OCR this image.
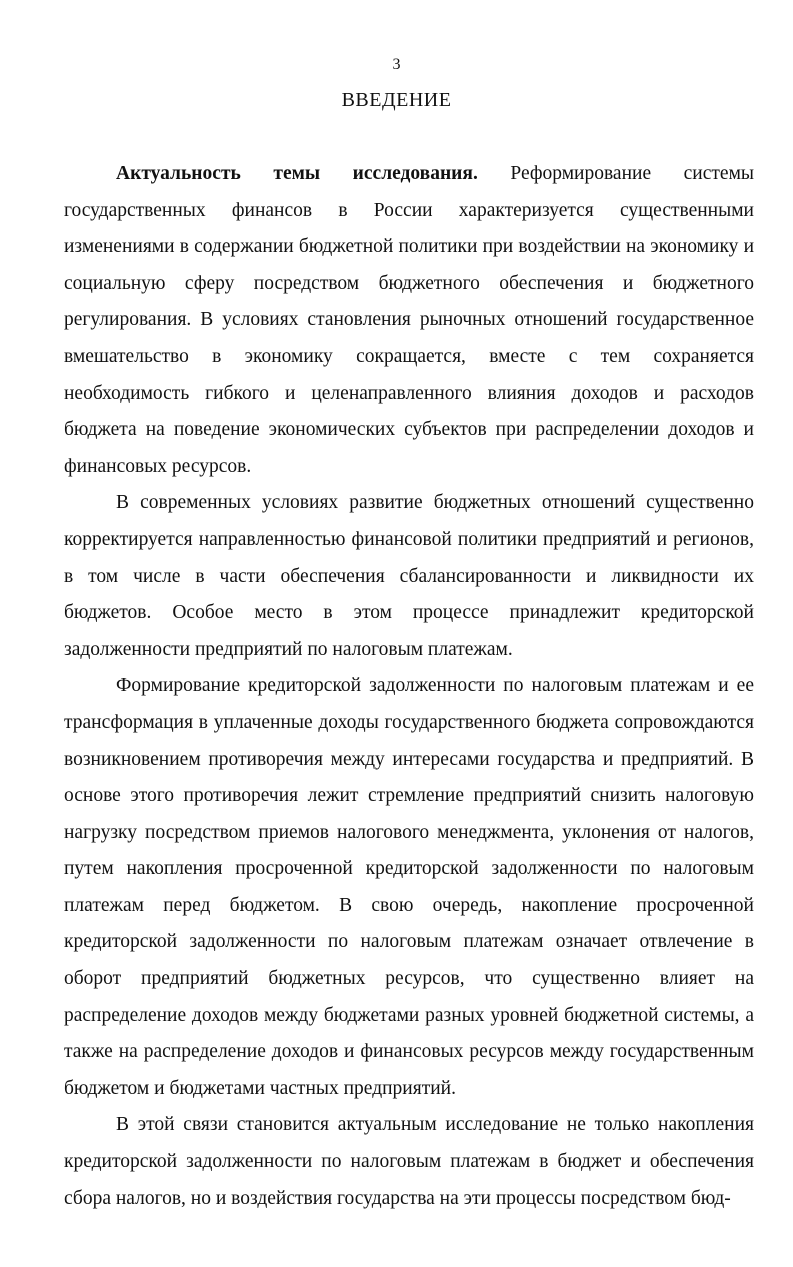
3
ВВЕДЕНИЕ

Актуальность темы исследования. Реформирование системы государственных финансов в России характеризуется существенными изменениями в содержании бюджетной политики при воздействии на экономику и социальную сферу посредством бюджетного обеспечения и бюджетного регулирования. В условиях становления рыночных отношений государственное вмешательство в экономику сокращается, вместе с тем сохраняется необходимость гибкого и целенаправленного влияния доходов и расходов бюджета на поведение экономических субъектов при распределении доходов и финансовых ресурсов.

В современных условиях развитие бюджетных отношений существенно корректируется направленностью финансовой политики предприятий и регионов, в том числе в части обеспечения сбалансированности и ликвидности их бюджетов. Особое место в этом процессе принадлежит кредиторской задолженности предприятий по налоговым платежам.

Формирование кредиторской задолженности по налоговым платежам и ее трансформация в уплаченные доходы государственного бюджета сопровождаются возникновением противоречия между интересами государства и предприятий. В основе этого противоречия лежит стремление предприятий снизить налоговую нагрузку посредством приемов налогового менеджмента, уклонения от налогов, путем накопления просроченной кредиторской задолженности по налоговым платежам перед бюджетом. В свою очередь, накопление просроченной кредиторской задолженности по налоговым платежам означает отвлечение в оборот предприятий бюджетных ресурсов, что существенно влияет на распределение доходов между бюджетами разных уровней бюджетной системы, а также на распределение доходов и финансовых ресурсов между государственным бюджетом и бюджетами частных предприятий.

В этой связи становится актуальным исследование не только накопления кредиторской задолженности по налоговым платежам в бюджет и обеспечения сбора налогов, но и воздействия государства на эти процессы посредством бюд-
